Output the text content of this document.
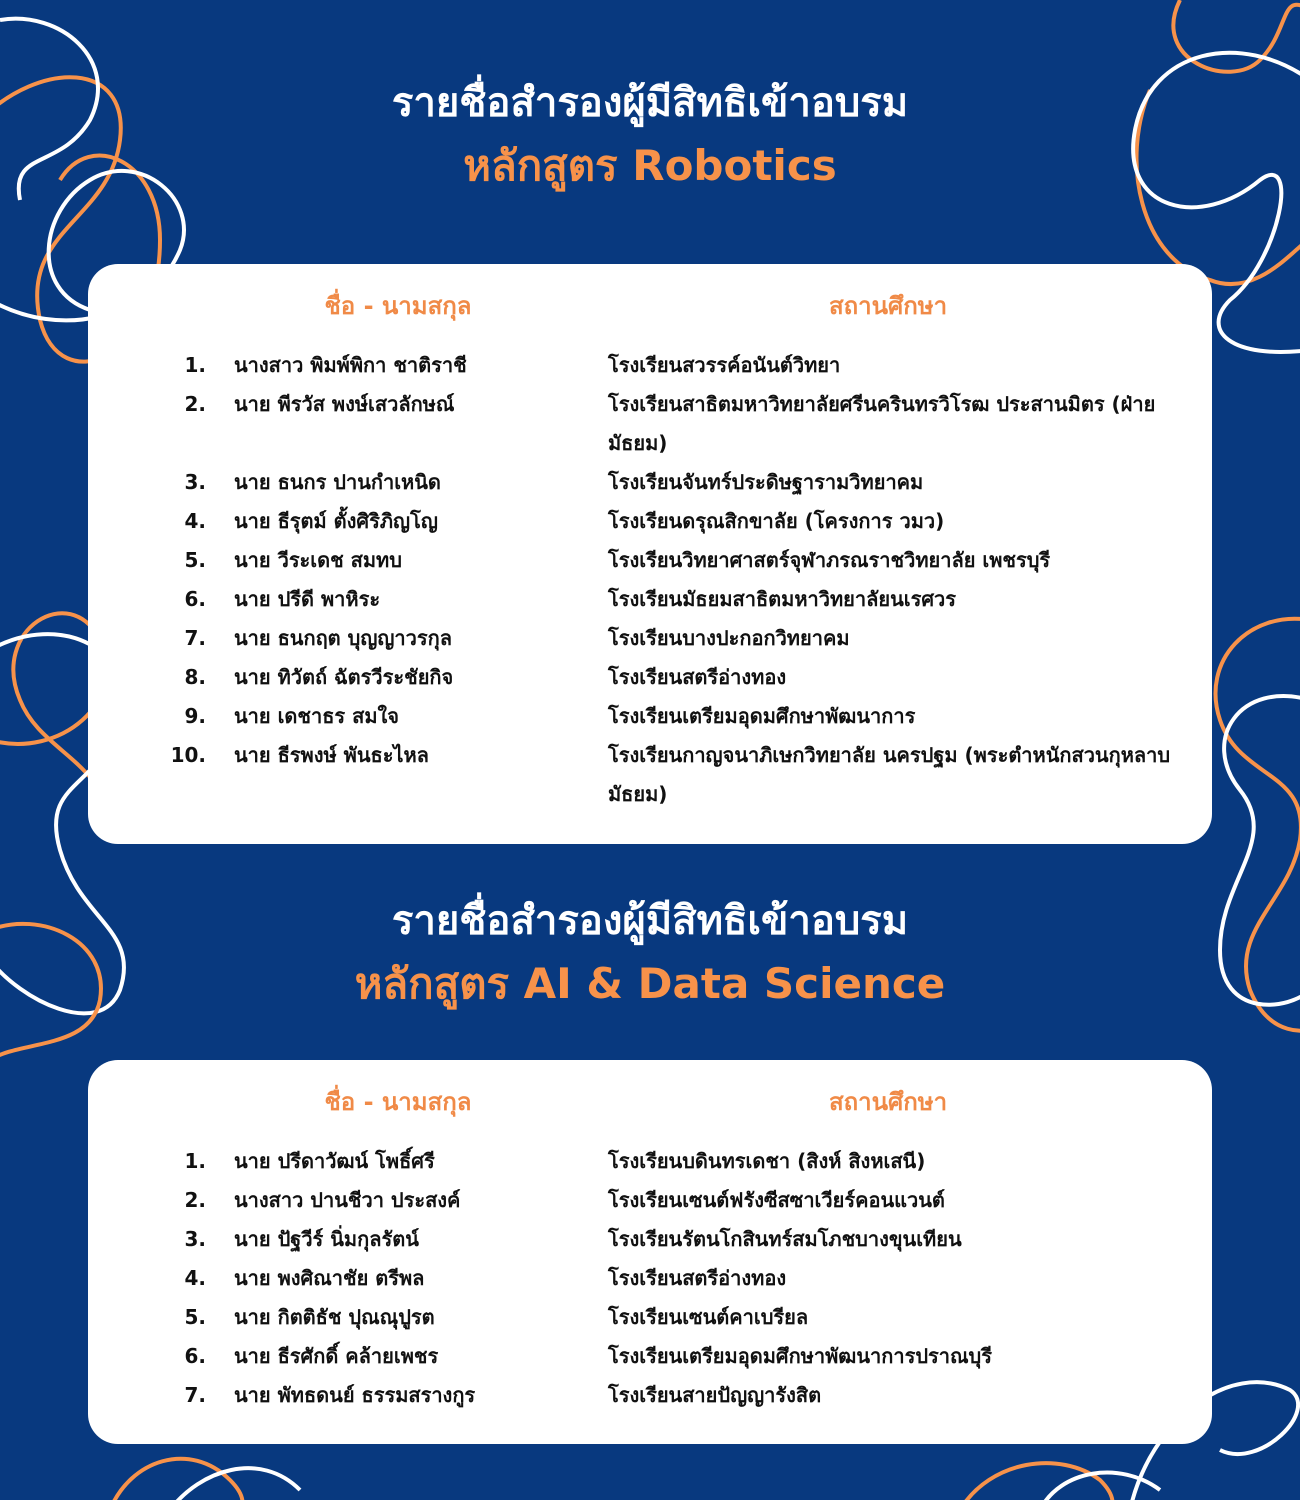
รายชื่อสำรองผู้มีสิทธิเข้าอบรม
หลักสูตร Robotics
ชื่อ - นามสกุล	สถานศึกษา
1. นางสาว พิมพ์พิกา ชาติราชี	โรงเรียนสวรรค์อนันต์วิทยา
2. นาย พีรวัส พงษ์เสวลักษณ์	โรงเรียนสาธิตมหาวิทยาลัยศรีนครินทรวิโรฒ ประสานมิตร (ฝ่ายมัธยม)
3. นาย ธนกร ปานกำเหนิด	โรงเรียนจันทร์ประดิษฐารามวิทยาคม
4. นาย ธีรุตม์ ตั้งศิริภิญโญ	โรงเรียนดรุณสิกขาลัย (โครงการ วมว)
5. นาย วีระเดช สมทบ	โรงเรียนวิทยาศาสตร์จุฬาภรณราชวิทยาลัย เพชรบุรี
6. นาย ปรีดี พาหิระ	โรงเรียนมัธยมสาธิตมหาวิทยาลัยนเรศวร
7. นาย ธนกฤต บุญญาวรกุล	โรงเรียนบางปะกอกวิทยาคม
8. นาย ทิวัตถ์ ฉัตรวีระชัยกิจ	โรงเรียนสตรีอ่างทอง
9. นาย เดชาธร สมใจ	โรงเรียนเตรียมอุดมศึกษาพัฒนาการ
10. นาย ธีรพงษ์ พันธะไหล	โรงเรียนกาญจนาภิเษกวิทยาลัย นครปฐม (พระตำหนักสวนกุหลาบมัธยม)
รายชื่อสำรองผู้มีสิทธิเข้าอบรม
หลักสูตร AI & Data Science
ชื่อ - นามสกุล	สถานศึกษา
1. นาย ปรีดาวัฒน์ โพธิ์ศรี	โรงเรียนบดินทรเดชา (สิงห์ สิงหเสนี)
2. นางสาว ปานชีวา ประสงค์	โรงเรียนเซนต์ฟรังซีสซาเวียร์คอนแวนต์
3. นาย ปัฐวีร์ นิ่มกุลรัตน์	โรงเรียนรัตนโกสินทร์สมโภชบางขุนเทียน
4. นาย พงศิณาชัย ตรีพล	โรงเรียนสตรีอ่างทอง
5. นาย กิตติธัช ปุณณุปูรต	โรงเรียนเซนต์คาเบรียล
6. นาย ธีรศักดิ์ คล้ายเพชร	โรงเรียนเตรียมอุดมศึกษาพัฒนาการปราณบุรี
7. นาย พัทธดนย์ ธรรมสรางกูร	โรงเรียนสายปัญญารังสิต
